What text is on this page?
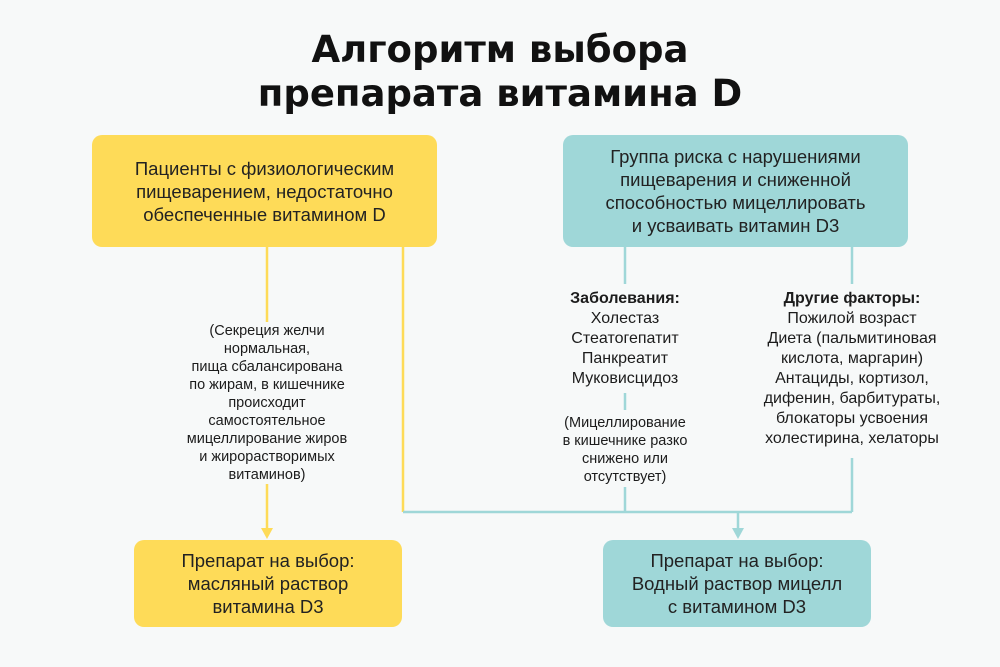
Алгоритм выбора
препарата витамина D
Пациенты с физиологическим
пищеварением, недостаточно
обеспеченные витамином D
Группа риска с нарушениями
пищеварения и сниженной
способностью мицеллировать
и усваивать витамин D3
(Секреция желчи
нормальная,
пища сбалансирована
по жирам, в кишечнике
происходит
самостоятельное
мицеллирование жиров
и жирорастворимых
витаминов)
Заболевания:
Холестаз
Стеатогепатит
Панкреатит
Муковисцидоз
(Мицеллирование
в кишечнике разко
снижено или
отсутствует)
Другие факторы:
Пожилой возраст
Диета (пальмитиновая
кислота, маргарин)
Антациды, кортизол,
дифенин, барбитураты,
блокаторы усвоения
холестирина, хелаторы
Препарат на выбор:
масляный раствор
витамина D3
Препарат на выбор:
Водный раствор мицелл
с витамином D3
